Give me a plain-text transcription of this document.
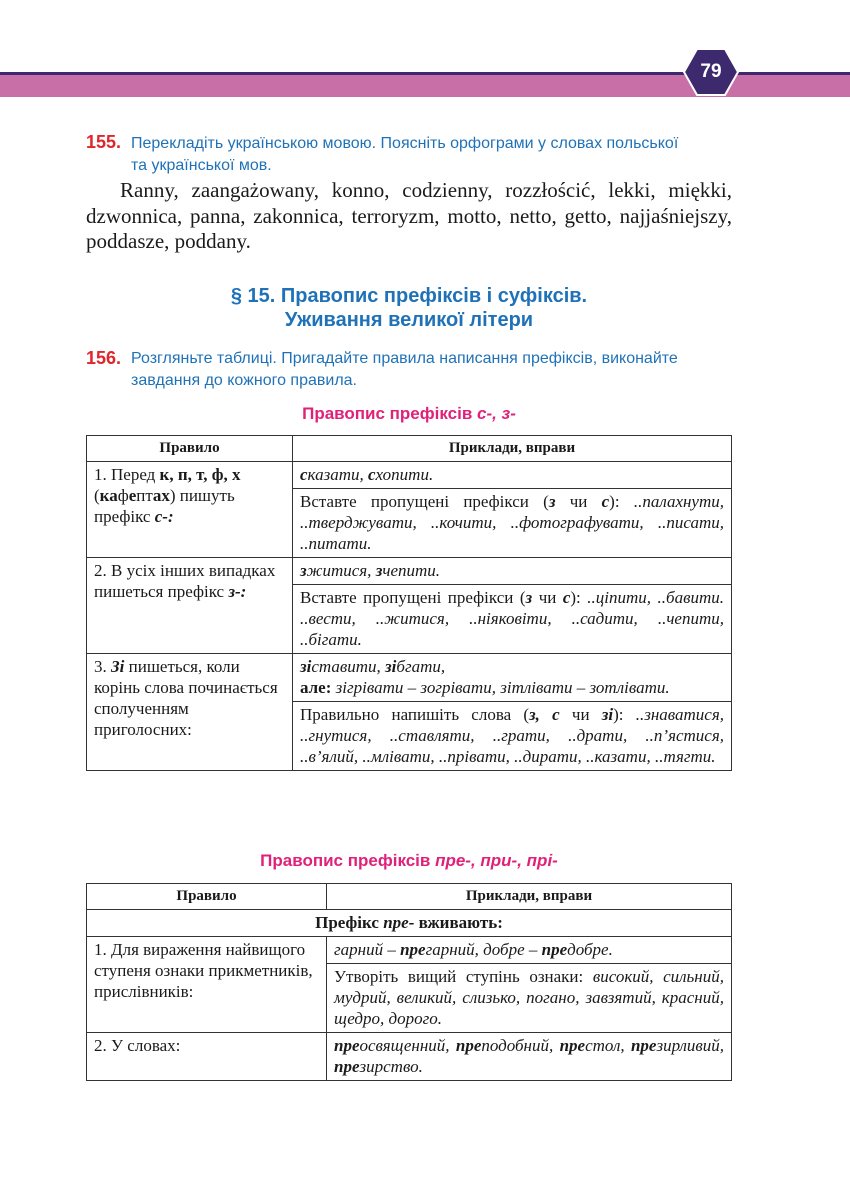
79
155. Перекладіть українською мовою. Поясніть орфограми у словах польської
та української мов.
Ranny, zaangażowany, konno, codzienny, rozzłościć, lekki, miękki, dzwonnica, panna, zakonnica, terroryzm, motto, netto, getto, najjaśniejszy, poddasze, poddany.
§ 15. Правопис префіксів і суфіксів.
Уживання великої літери
156. Розгляньте таблиці. Пригадайте правила написання префіксів, виконайте
завдання до кожного правила.
Правопис префіксів с-, з-
Правило	Приклади, вправи
1. Перед к, п, т, ф, х (кафептах) пишуть префікс с-:	сказати, схопити.
	Вставте пропущені префікси (з чи с): ..палахнути, ..тверджувати, ..кочити, ..фотографувати, ..писати, ..питати.
2. В усіх інших випадках пишеться префікс з-:	зжитися, зчепити.
	Вставте пропущені префікси (з чи с): ..ціпити, ..бавити. ..вести, ..житися, ..ніяковіти, ..садити, ..чепити, ..бігати.
3. Зі пишеться, коли корінь слова починається сполученням приголосних:	зіставити, зібгати,
але: зігрівати – зогрівати, зітлівати – зотлівати.
	Правильно напишіть слова (з, с чи зі): ..знаватися, ..гнутися, ..ставляти, ..грати, ..драти, ..п’ястися, ..в’ялий, ..млівати, ..прівати, ..дирати, ..казати, ..тягти.
Правопис префіксів пре-, при-, прі-
Правило	Приклади, вправи
Префікс пре- вживають:	
1. Для вираження найвищого ступеня ознаки прикметників, прислівників:	гарний – прегарний, добре – предобре.
	Утворіть вищий ступінь ознаки: високий, сильний, мудрий, великий, слизько, погано, завзятий, красний, щедро, дорого.
2. У словах:	преосвященний, преподобний, престол, презирливий, презирство.
